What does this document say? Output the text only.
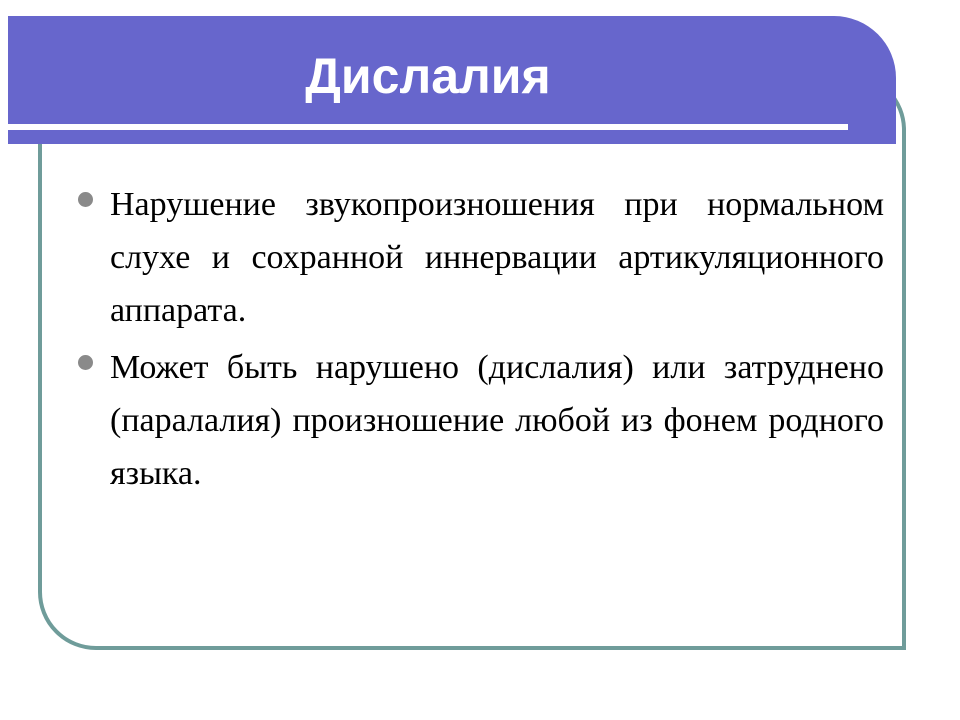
Дислалия
Нарушение звукопроизношения при нормальном слухе и сохранной иннервации артикуляционного аппарата.
Может быть нарушено (дислалия) или затруднено (паралалия) произношение любой из фонем родного языка.
